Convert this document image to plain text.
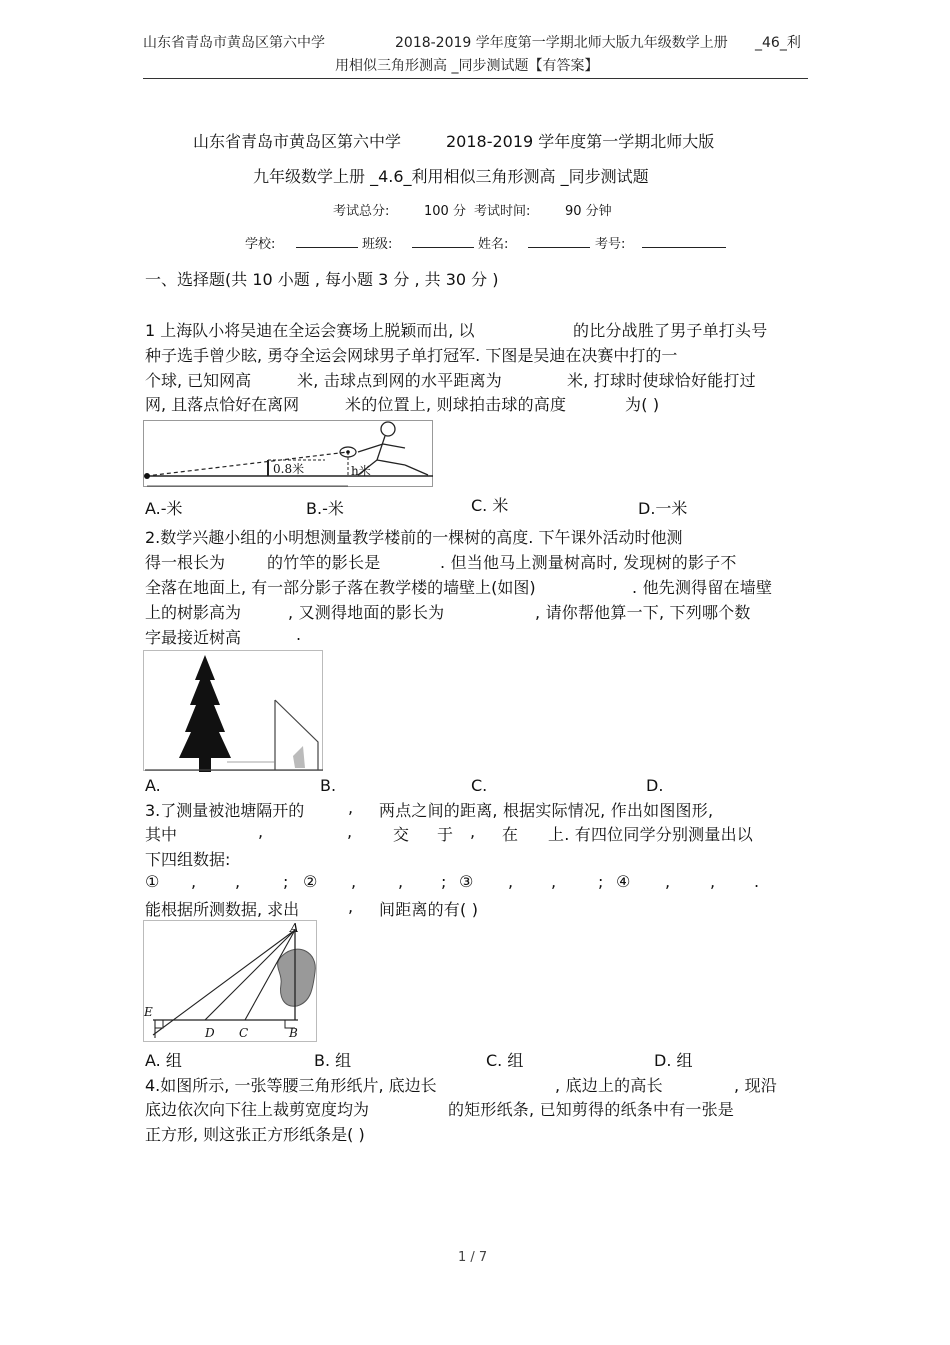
山东省青岛市黄岛区第六中学	2018-2019 学年度第一学期北师大版九年级数学上册 _46_利
用相似三角形测高 _同步测试题【有答案】
山东省青岛市黄岛区第六中学	2018-2019 学年度第一学期北师大版
九年级数学上册 _4.6_利用相似三角形测高 _同步测试题
考试总分:	100 分 考试时间:	90 分钟
学校:	班级:	姓名:	考号:
一、选择题(共 10 小题 , 每小题 3 分 , 共 30 分 )
1 上海队小将吴迪在全运会赛场上脱颖而出, 以	的比分战胜了男子单打头号
种子选手曾少眩, 勇夺全运会网球男子单打冠军. 下图是吴迪在决赛中打的一
个球, 已知网高	米, 击球点到网的水平距离为	米, 打球时使球恰好能打过
网, 且落点恰好在离网	米的位置上, 则球拍击球的高度	为( )
0.8米	h米
A.-米	B.-米	C. 米	D.一米
2.数学兴趣小组的小明想测量教学楼前的一棵树的高度. 下午课外活动时他测
得一根长为	的竹竿的影长是	. 但当他马上测量树高时, 发现树的影子不
全落在地面上, 有一部分影子落在教学楼的墙壁上(如图)	. 他先测得留在墙壁
上的树影高为	, 又测得地面的影长为	, 请你帮他算一下, 下列哪个数
字最接近树高	.
A.	B.	C.	D.
3.了测量被池塘隔开的	, 两点之间的距离, 根据实际情况, 作出如图图形,
其中	,	,	交 于 , 在 上. 有四位同学分别测量出以
下四组数据:
① , ,	; ② ,	, ; ③ , ,	; ④ , , .
能根据所测数据, 求出	, 间距离的有( )
A
B
C
D
E
A. 组	B. 组	C. 组	D. 组
4.如图所示, 一张等腰三角形纸片, 底边长	, 底边上的高长	, 现沿
底边依次向下往上裁剪宽度均为	的矩形纸条, 已知剪得的纸条中有一张是
正方形, 则这张正方形纸条是( )
1 / 7
